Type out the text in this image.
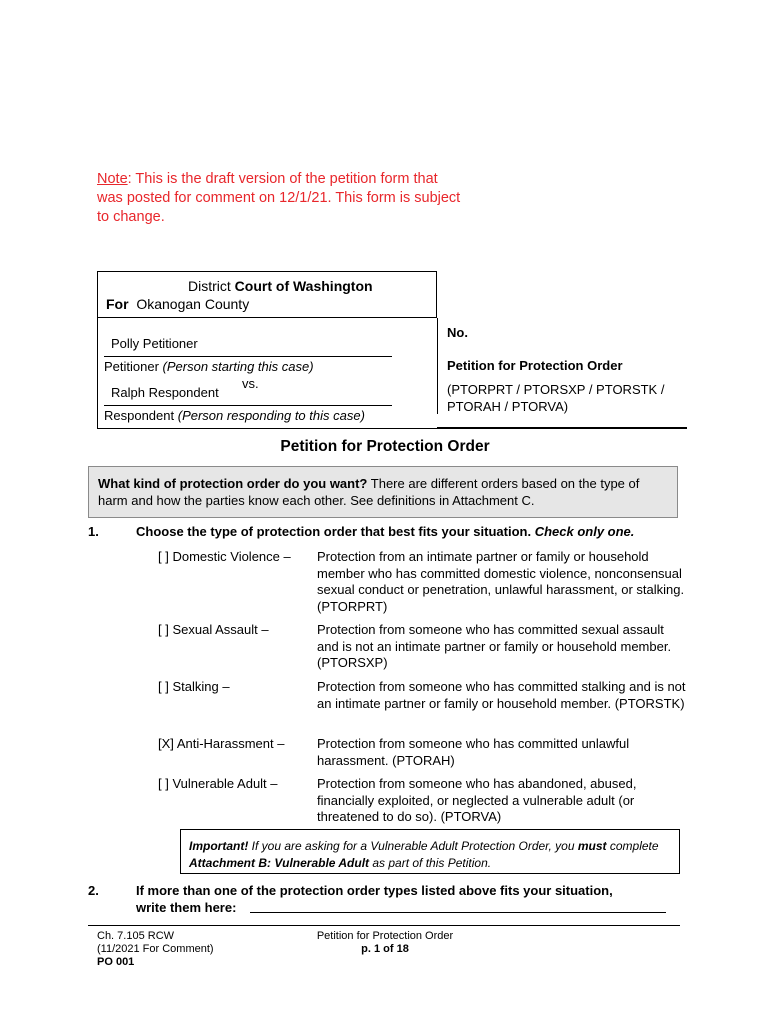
Note: This is the draft version of the petition form that was posted for comment on 12/1/21. This form is subject to change.
District Court of Washington
For Okanogan County
Polly Petitioner
Petitioner (Person starting this case)
vs.
Ralph Respondent
Respondent (Person responding to this case)
No.
Petition for Protection Order
(PTORPRT / PTORSXP / PTORSTK / PTORAH / PTORVA)
Petition for Protection Order
What kind of protection order do you want? There are different orders based on the type of harm and how the parties know each other. See definitions in Attachment C.
1.	Choose the type of protection order that best fits your situation. Check only one.
[ ] Domestic Violence – Protection from an intimate partner or family or household member who has committed domestic violence, nonconsensual sexual conduct or penetration, unlawful harassment, or stalking. (PTORPRT)
[ ] Sexual Assault –	Protection from someone who has committed sexual assault and is not an intimate partner or family or household member. (PTORSXP)
[ ] Stalking –	Protection from someone who has committed stalking and is not an intimate partner or family or household member. (PTORSTK)
[X] Anti-Harassment –	Protection from someone who has committed unlawful harassment. (PTORAH)
[ ] Vulnerable Adult –	Protection from someone who has abandoned, abused, financially exploited, or neglected a vulnerable adult (or threatened to do so). (PTORVA)
Important! If you are asking for a Vulnerable Adult Protection Order, you must complete Attachment B: Vulnerable Adult as part of this Petition.
2.	If more than one of the protection order types listed above fits your situation,
write them here:
Ch. 7.105 RCW
(11/2021 For Comment)
PO 001
Petition for Protection Order
p. 1 of 18
